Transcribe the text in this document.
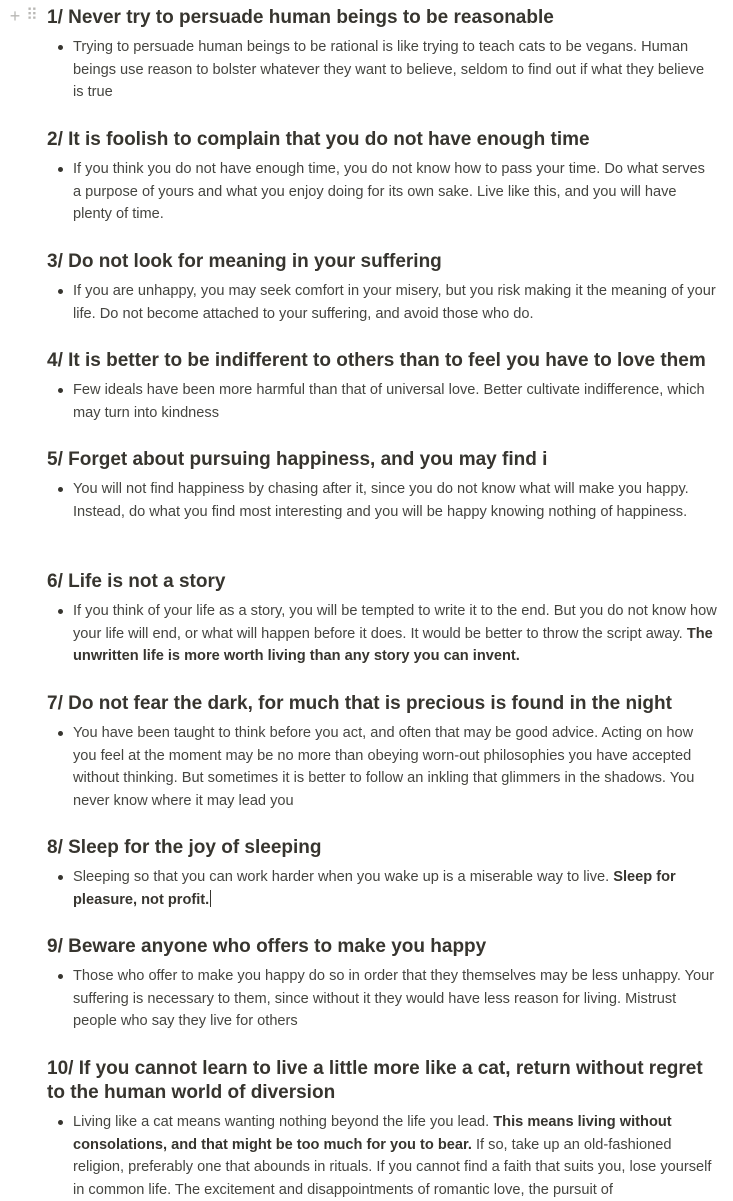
+ ⠿ 1/ Never try to persuade human beings to be reasonable
Trying to persuade human beings to be rational is like trying to teach cats to be vegans. Human beings use reason to bolster whatever they want to believe, seldom to find out if what they believe is true
2/ It is foolish to complain that you do not have enough time
If you think you do not have enough time, you do not know how to pass your time. Do what serves a purpose of yours and what you enjoy doing for its own sake. Live like this, and you will have plenty of time.
3/ Do not look for meaning in your suffering
If you are unhappy, you may seek comfort in your misery, but you risk making it the meaning of your life. Do not become attached to your suffering, and avoid those who do.
4/ It is better to be indifferent to others than to feel you have to love them
Few ideals have been more harmful than that of universal love. Better cultivate indifference, which may turn into kindness
5/ Forget about pursuing happiness, and you may find i
You will not find happiness by chasing after it, since you do not know what will make you happy. Instead, do what you find most interesting and you will be happy knowing nothing of happiness.
6/ Life is not a story
If you think of your life as a story, you will be tempted to write it to the end. But you do not know how your life will end, or what will happen before it does. It would be better to throw the script away. The unwritten life is more worth living than any story you can invent.
7/ Do not fear the dark, for much that is precious is found in the night
You have been taught to think before you act, and often that may be good advice. Acting on how you feel at the moment may be no more than obeying worn-out philosophies you have accepted without thinking. But sometimes it is better to follow an inkling that glimmers in the shadows. You never know where it may lead you
8/ Sleep for the joy of sleeping
Sleeping so that you can work harder when you wake up is a miserable way to live. Sleep for pleasure, not profit.
9/ Beware anyone who offers to make you happy
Those who offer to make you happy do so in order that they themselves may be less unhappy. Your suffering is necessary to them, since without it they would have less reason for living. Mistrust people who say they live for others
10/ If you cannot learn to live a little more like a cat, return without regret to the human world of diversion
Living like a cat means wanting nothing beyond the life you lead. This means living without consolations, and that might be too much for you to bear. If so, take up an old-fashioned religion, preferably one that abounds in rituals. If you cannot find a faith that suits you, lose yourself in common life. The excitement and disappointments of romantic love, the pursuit of
